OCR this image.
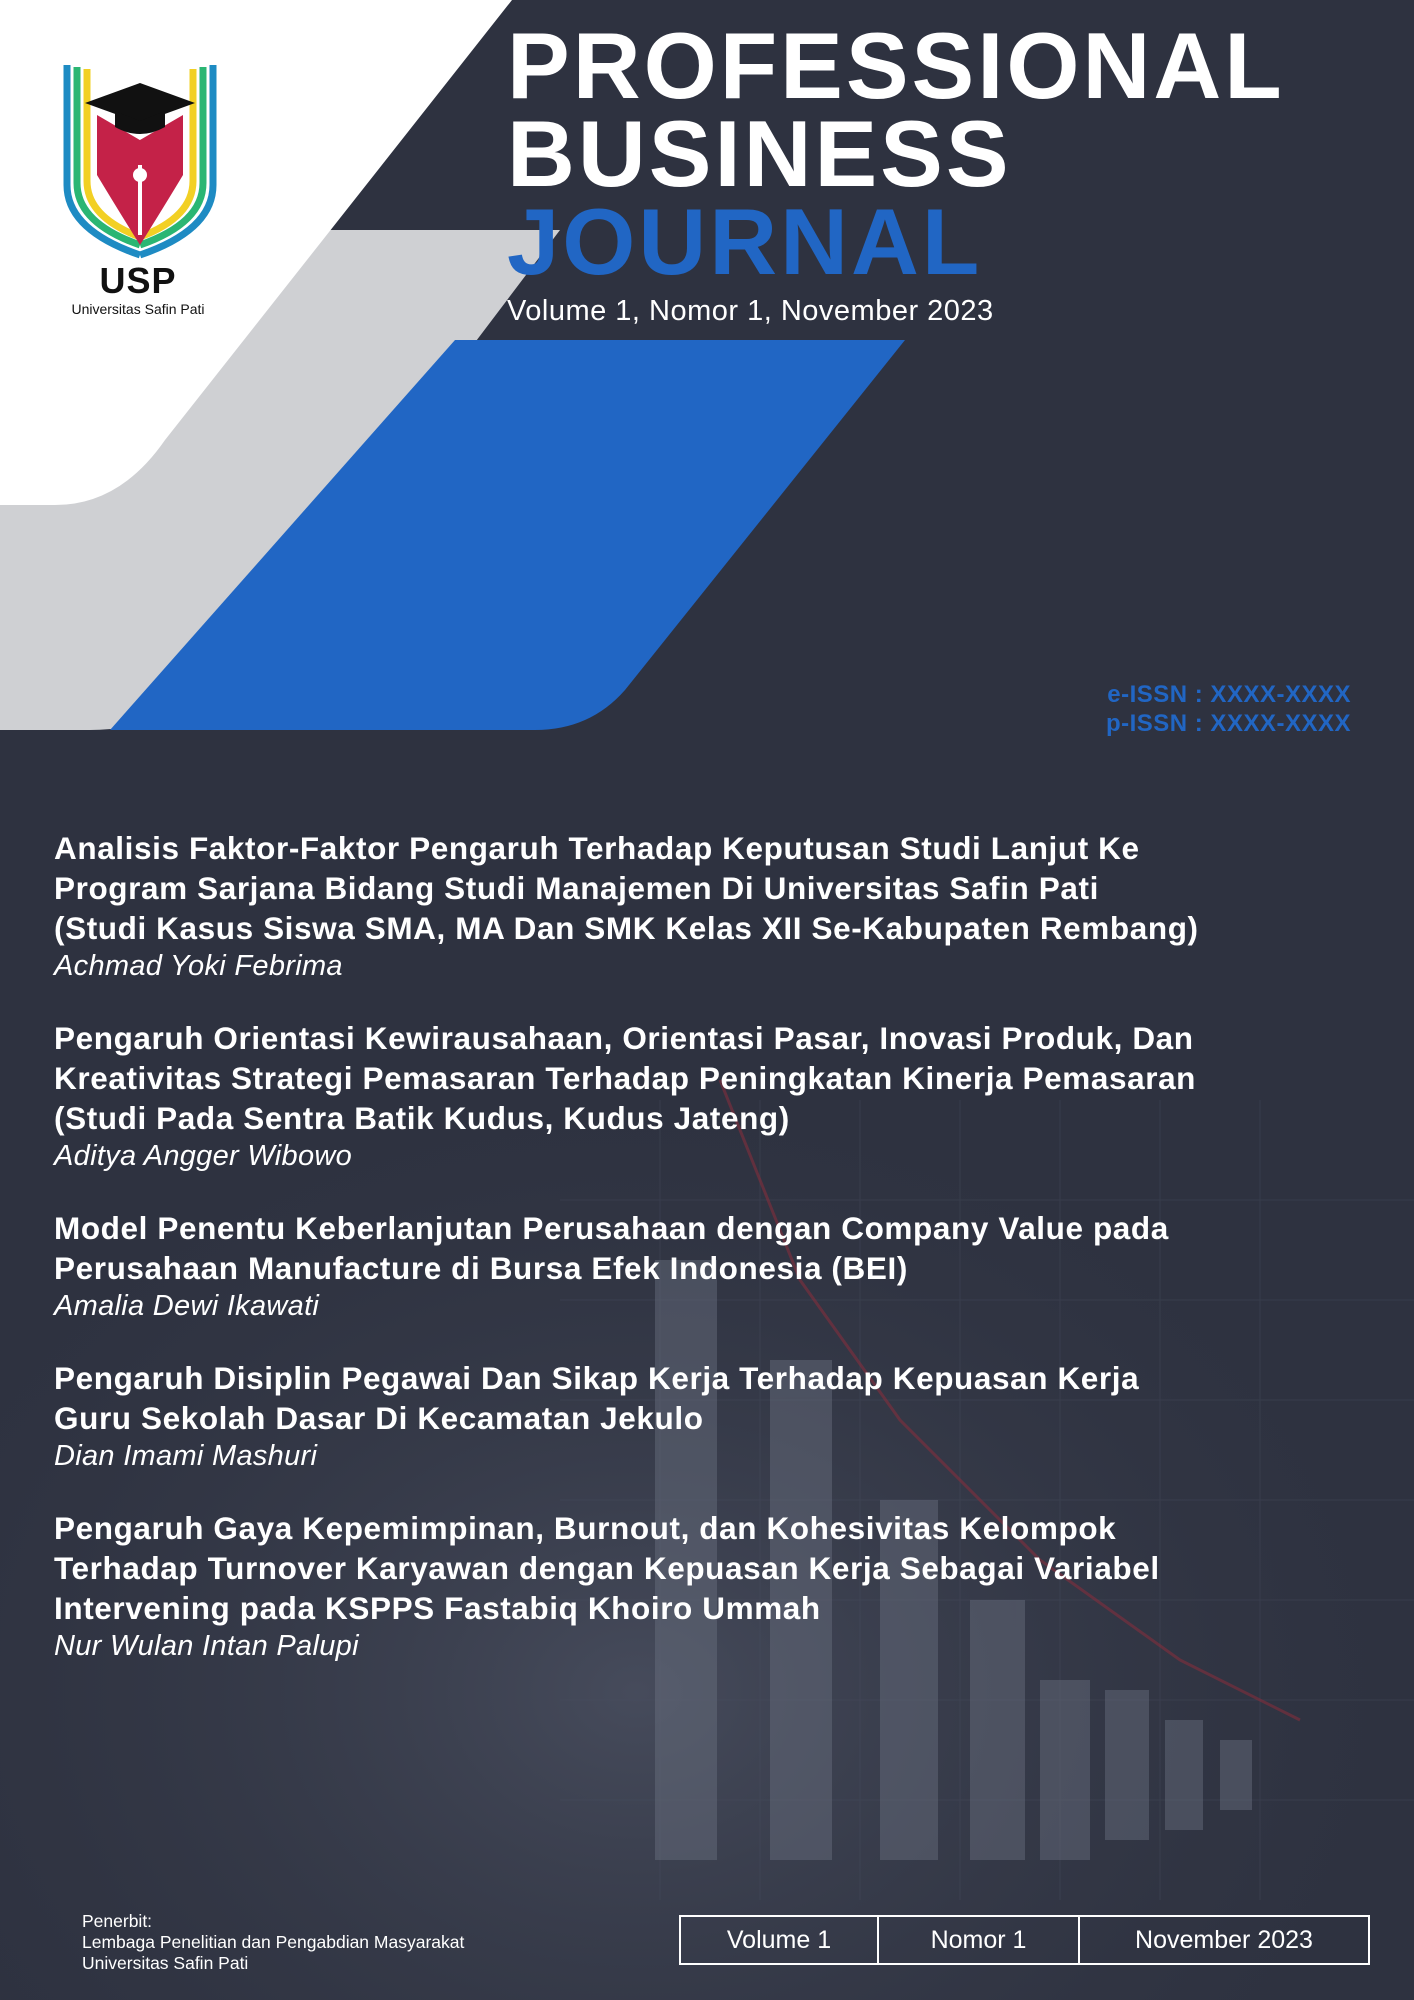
USP
Universitas Safin Pati
PROFESSIONAL
BUSINESS
JOURNAL
Volume 1, Nomor 1, November 2023
e-ISSN : XXXX-XXXX
p-ISSN : XXXX-XXXX
Analisis Faktor-Faktor Pengaruh Terhadap Keputusan Studi Lanjut Ke
Program Sarjana Bidang Studi Manajemen Di Universitas Safin Pati
(Studi Kasus Siswa SMA, MA Dan SMK Kelas XII Se-Kabupaten Rembang)
Achmad Yoki Febrima
Pengaruh Orientasi Kewirausahaan, Orientasi Pasar, Inovasi Produk, Dan
Kreativitas Strategi Pemasaran Terhadap Peningkatan Kinerja Pemasaran
(Studi Pada Sentra Batik Kudus, Kudus Jateng)
Aditya Angger Wibowo
Model Penentu Keberlanjutan Perusahaan dengan Company Value pada
Perusahaan Manufacture di Bursa Efek Indonesia (BEI)
Amalia Dewi Ikawati
Pengaruh Disiplin Pegawai Dan Sikap Kerja Terhadap Kepuasan Kerja
Guru Sekolah Dasar Di Kecamatan Jekulo
Dian Imami Mashuri
Pengaruh Gaya Kepemimpinan, Burnout, dan Kohesivitas Kelompok
Terhadap Turnover Karyawan dengan Kepuasan Kerja Sebagai Variabel
Intervening pada KSPPS Fastabiq Khoiro Ummah
Nur Wulan Intan Palupi
Penerbit:
Lembaga Penelitian dan Pengabdian Masyarakat
Universitas Safin Pati
Volume 1	Nomor 1	November 2023
